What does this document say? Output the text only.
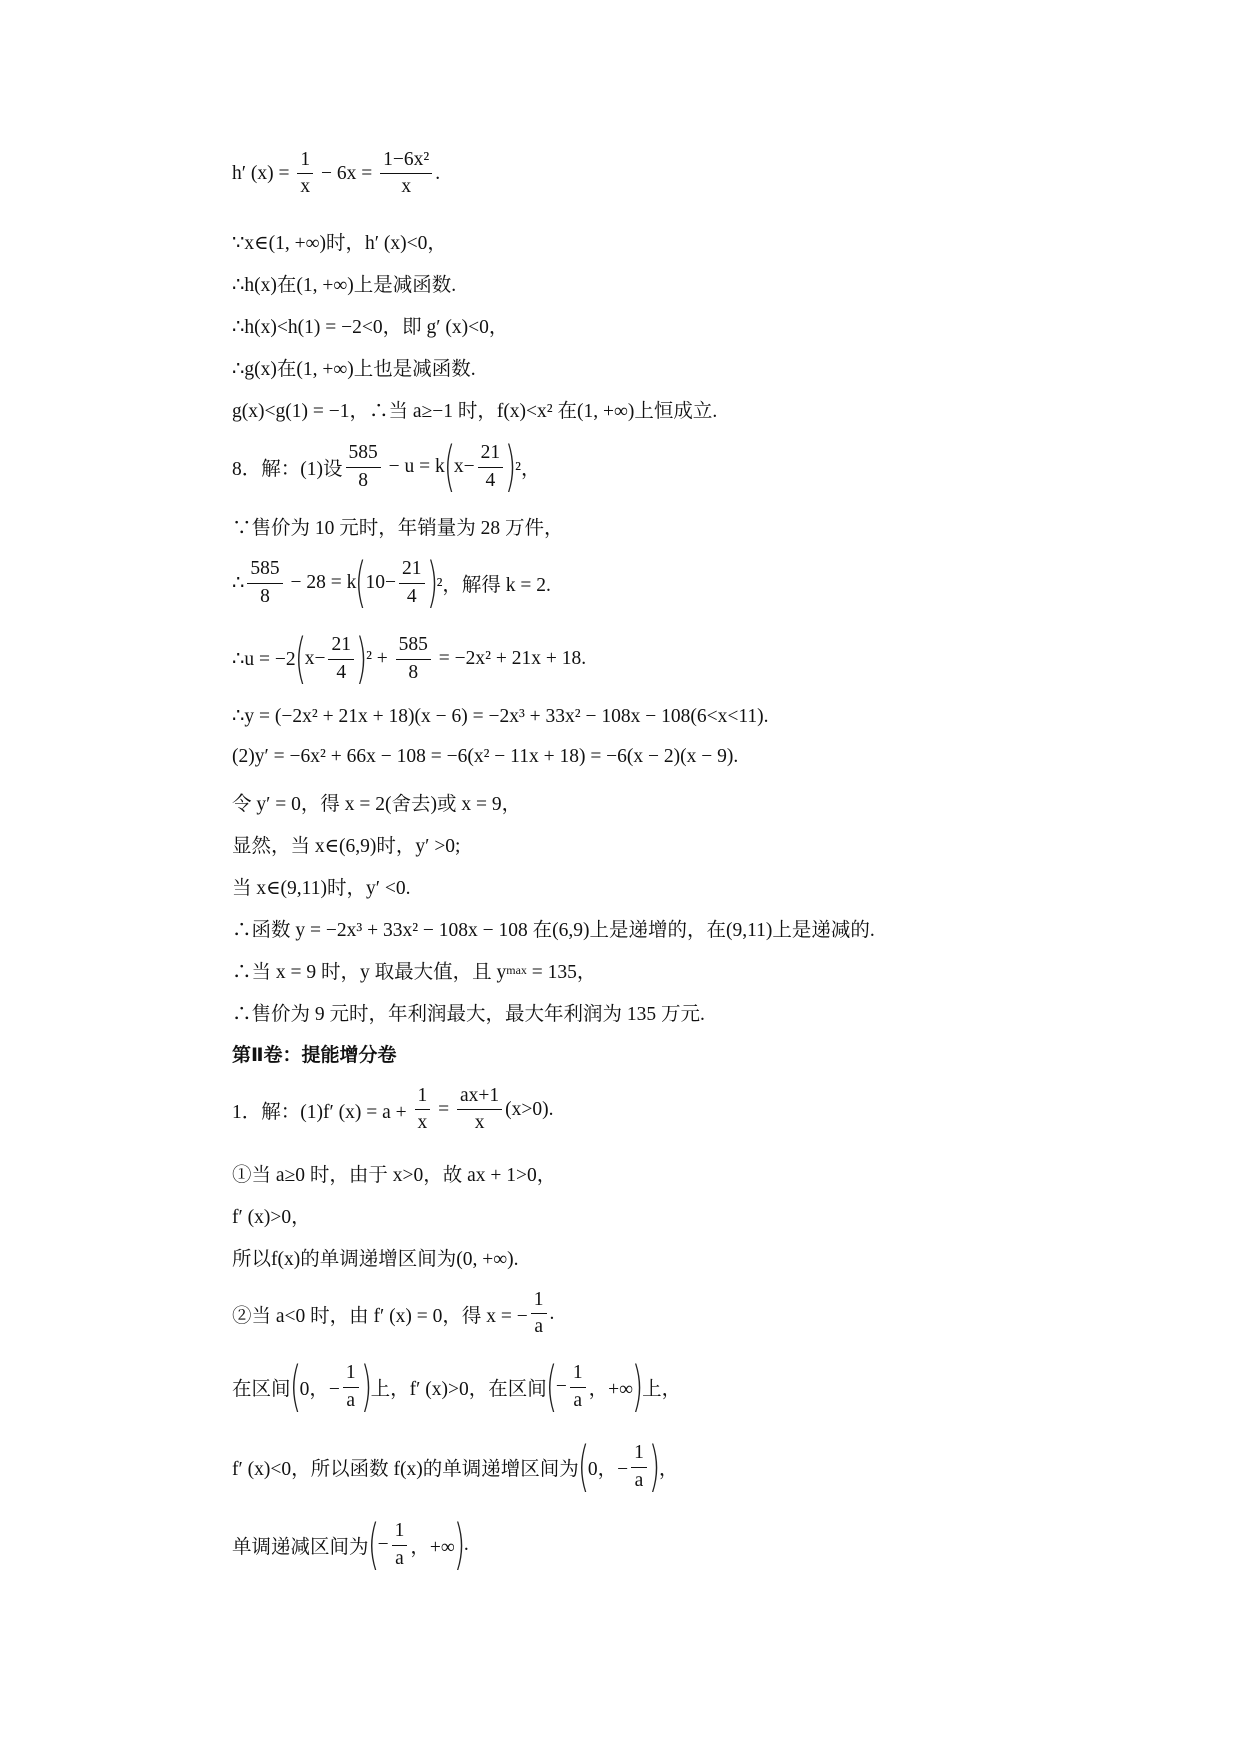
h′ $(x) = \frac{1}{x} - 6x = \frac{\text{1−6x²}}{x}$ .
∵x∈(1, +∞)时，h′ (x)<0，
∴h(x)在(1, +∞)上是减函数.
∴h(x)<h(1) = −2<0，即 g′ (x)<0，
∴g(x)在(1, +∞)上也是减函数.
g(x)<g(1) = −1，∴当 a≥−1 时，f(x)<x² 在(1, +∞)上恒成立.
8．解：(1)设 $\frac{585}{8} - u = k$
(
$x- \frac{21}{4}$ )
²，
∵售价为 10 元时，年销量为 28 万件，
∴ $\frac{585}{8} - 28 = k$
(
$10- \frac{21}{4}$ )
²，解得 k = 2.
∴u = −2
(
$x- \frac{21}{4}$ )
$^2 + \frac{585}{8} = -2x^2 + 21x + 18$.
∴y = (−2x² + 21x + 18)(x − 6) = −2x³ + 33x² − 108x − 108(6<x<11).
(2)y′ = −6x² + 66x − 108 = −6(x² − 11x + 18) = −6(x − 2)(x − 9).
令 y′ = 0，得 x = 2(舍去)或 x = 9，
显然，当 x∈(6,9)时，y′ >0;
当 x∈(9,11)时，y′ <0.
∴函数 y = −2x³ + 33x² − 108x − 108 在(6,9)上是递增的，在(9,11)上是递减的.
∴当 x = 9 时，y 取最大值，且 y max = 135，
∴售价为 9 元时，年利润最大，最大年利润为 135 万元.
第Ⅱ卷：提能增分卷
1．解：(1)f′ $(x) = a + \frac{1}{x} = \frac{ax+1}{x} (x>0)$.
①当 a≥0 时，由于 x>0，故 ax + 1>0，
f′ (x)>0，
所以f(x)的单调递增区间为(0, +∞).
②当 a<0 时，由 f′ (x) = 0，得 x = − $\frac{1}{a}$ .
在区间
(
0，− $\frac{1}{a}$ )
上，f′ (x)>0，在区间
(
− $\frac{1}{a}$ ，+∞
)
上，
f′ (x)<0，所以函数 f(x)的单调递增区间为
(
0，− $\frac{1}{a}$ )
，
单调递减区间为
(
− $\frac{1}{a}$ ，+∞
)
.
